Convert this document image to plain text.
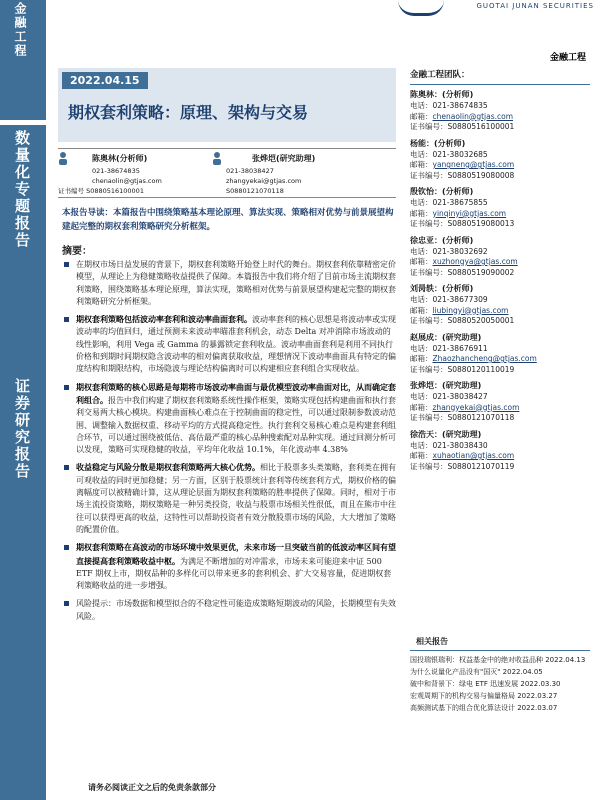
金融工程
数量化专题报告
证券研究报告
GUOTAI JUNAN SECURITIES
金融工程
2022.04.15
期权套利策略：原理、架构与交易
陈奥林(分析师)
021-38674835
chenaolin@gtjas.com
证书编号 S0880516100001
张烨垲(研究助理)
021-38038427
zhangyekai@gtjas.com
S0880121070118
本报告导读：本篇报告中围绕策略基本理论原理、算法实现、策略相对优势与前景展望构建起完整的期权套利策略研究分析框架。
摘要：
在期权市场日益发展的背景下，期权套利策略开始登上时代的舞台。期权套利依靠精密定价模型，从理论上为稳健策略收益提供了保障。本篇报告中我们将介绍了目前市场主流期权套利策略，围绕策略基本理论原理，算法实现，策略相对优势与前景展望构建起完整的期权套利策略研究分析框架。
期权套利策略包括波动率套利和波动率曲面套利。波动率套利的核心思想是将波动率或实现波动率的均值回归，通过预测未来波动率瞄准套利机会，动态 Delta 对冲消除市场波动的线性影响，利用 Vega 或 Gamma 的暴露锁定套利收益。波动率曲面套利是利用不同执行价格和到期时间期权隐含波动率的相对偏离获取收益，理想情况下波动率曲面具有特定的偏度结构和期限结构，市场隐波与理论结构偏离时可以构建相应套利组合实现收益。
期权套利策略的核心思路是每期将市场波动率曲面与最优模型波动率曲面对比，从而确定套利组合。报告中我们构建了期权套利策略系统性操作框架，策略实现包括构建曲面和执行套利交易两大核心模块。构建曲面核心难点在于控制曲面的稳定性，可以通过限制参数波动范围、调整输入数据权重、移动平均的方式提高稳定性。执行套利交易核心难点是构建套利组合环节，可以通过围绕被低估、高估最严重的核心品种搜索配对品种实现。通过回测分析可以发现，策略可实现稳健的收益，平均年化收益 10.1%，年化波动率 4.38%
收益稳定与风险分散是期权套利策略两大核心优势。相比于股票多头类策略，套利类在拥有可观收益的同时更加稳健；另一方面，区别于股票统计套利等传统套利方式，期权价格的偏离幅度可以被精确计算，这从理论层面为期权套利策略的胜率提供了保障。同时，相对于市场主流投资策略，期权策略是一种另类投资，收益与股票市场相关性很低，而且在熊市中往往可以获得更高的收益，这特性可以帮助投资者有效分散股票市场的风险，大大增加了策略的配置价值。
期权套利策略在高波动的市场环境中效果更优，未来市场一旦突破当前的低波动率区间有望直接提高套利策略收益中枢。为满足不断增加的对冲需求，市场未来可能迎来中证 500 ETF 期权上市，期权品种的多样化可以带来更多的套利机会、扩大交易容量，促进期权套利策略收益的进一步增强。
风险提示：市场数据和模型拟合的不稳定性可能造成策略短期波动的风险，长期模型有失效风险。
请务必阅读正文之后的免责条款部分
金融工程团队：
陈奥林：(分析师)
电话：021-38674835
邮箱：chenaolin@gtjas.com
证书编号：S0880516100001
杨能：(分析师)
电话：021-38032685
邮箱：yangneng@gtjas.com
证书编号：S0880519080008
殷钦怡：(分析师)
电话：021-38675855
邮箱：yinqinyi@gtjas.com
证书编号：S0880519080013
徐忠亚：(分析师)
电话：021-38032692
邮箱：xuzhongya@gtjas.com
证书编号：S0880519090002
刘昺轶：(分析师)
电话：021-38677309
邮箱：liubingyi@gtjas.com
证书编号：S0880520050001
赵展成：(研究助理)
电话：021-38676911
邮箱：Zhaozhancheng@gtjas.com
证书编号：S0880120110019
张烨垲：(研究助理)
电话：021-38038427
邮箱：zhangyekai@gtjas.com
证书编号：S0880121070118
徐浩天：(研究助理)
电话：021-38038430
邮箱：xuhaotian@gtjas.com
证书编号：S0880121070119
相关报告
国投瑞银瑞利：权益基金中的绝对收益品种 2022.04.13
为什么说量化产品没有"国灭" 2022.04.05
破中和背景下：绿电 ETF 迅速发展 2022.03.30
宏观周期下的机构交易与偏量格局 2022.03.27
高频测试基下的组合优化算法设计 2022.03.07
